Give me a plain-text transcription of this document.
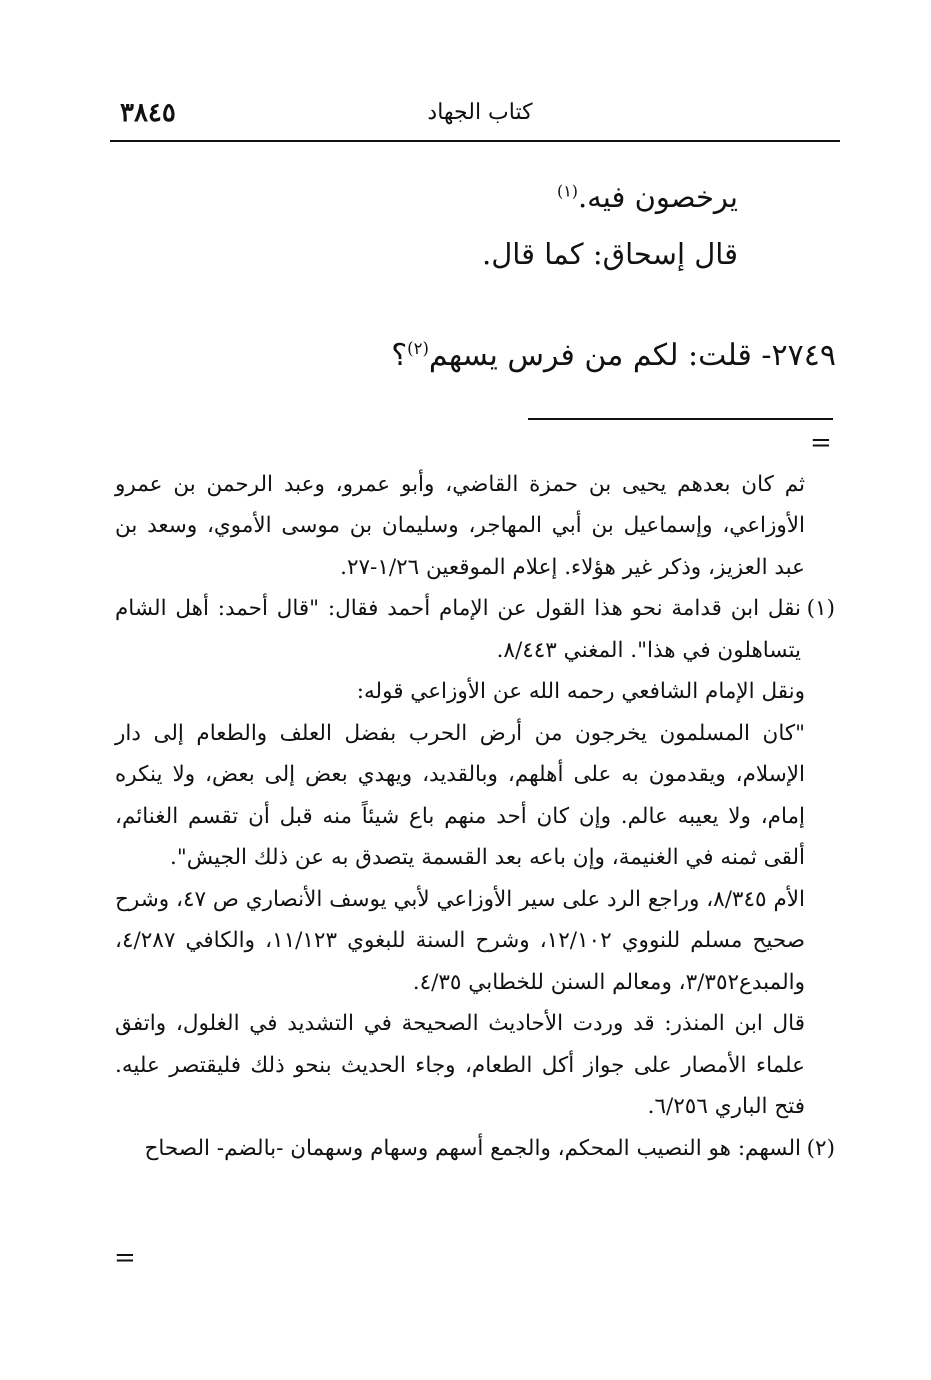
٣٨٤٥	كتاب الجهاد
يرخصون فيه.$^{(١)}$
قال إسحاق: كما قال.
٢٧٤٩- قلت: لكم من فرس يسهم$^{(٢)}$؟
=

ثم كان بعدهم يحيى بن حمزة القاضي، وأبو عمرو، وعبد الرحمن بن عمرو الأوزاعي، وإسماعيل بن أبي المهاجر، وسليمان بن موسى الأموي، وسعد بن عبد العزيز، وذكر غير هؤلاء. إعلام الموقعين ١/٢٦-٢٧.

(١)

نقل ابن قدامة نحو هذا القول عن الإمام أحمد فقال: "قال أحمد: أهل الشام يتساهلون في هذا". المغني ٨/٤٤٣.

ونقل الإمام الشافعي رحمه الله عن الأوزاعي قوله:

"كان المسلمون يخرجون من أرض الحرب بفضل العلف والطعام إلى دار الإسلام، ويقدمون به على أهلهم، وبالقديد، ويهدي بعض إلى بعض، ولا ينكره إمام، ولا يعيبه عالم. وإن كان أحد منهم باع شيئاً منه قبل أن تقسم الغنائم، ألقى ثمنه في الغنيمة، وإن باعه بعد القسمة يتصدق به عن ذلك الجيش".

الأم ٨/٣٤٥، وراجع الرد على سير الأوزاعي لأبي يوسف الأنصاري ص ٤٧، وشرح صحيح مسلم للنووي ١٢/١٠٢، وشرح السنة للبغوي ١١/١٢٣، والكافي ٤/٢٨٧، والمبدع٣/٣٥٢، ومعالم السنن للخطابي ٤/٣٥.

قال ابن المنذر: قد وردت الأحاديث الصحيحة في التشديد في الغلول، واتفق علماء الأمصار على جواز أكل الطعام، وجاء الحديث بنحو ذلك فليقتصر عليه. فتح الباري ٦/٢٥٦.

(٢)

السهم: هو النصيب المحكم، والجمع أسهم وسهام وسهمان -بالضم- الصحاح

=
